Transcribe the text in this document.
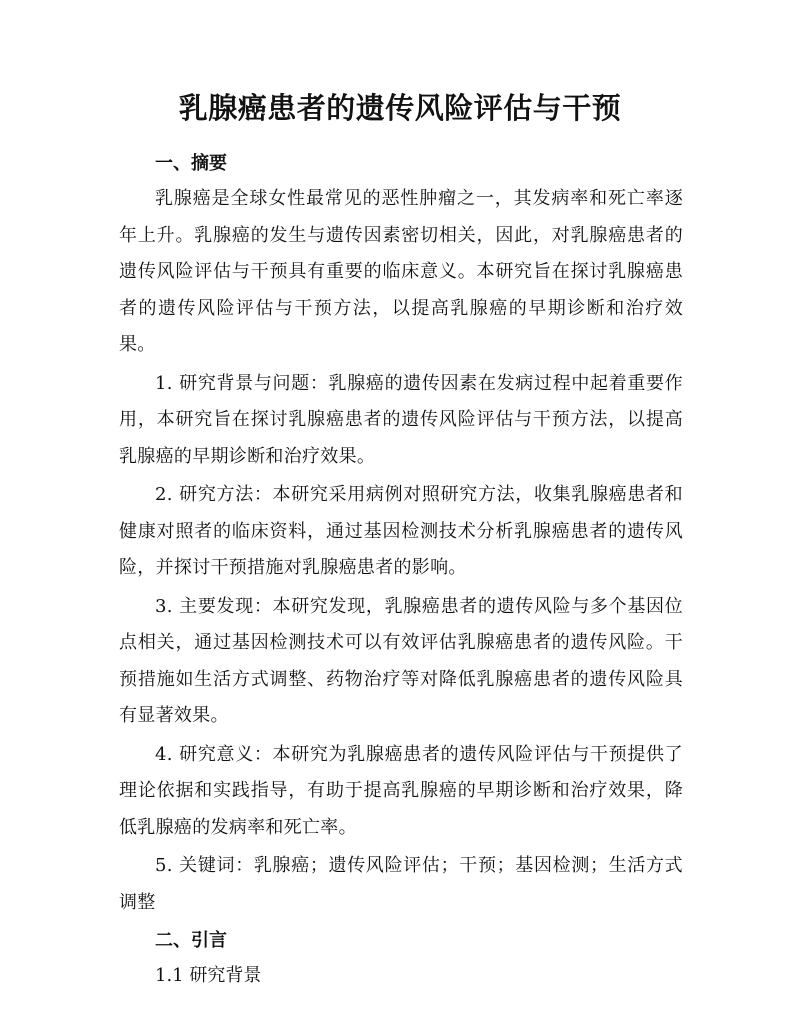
乳腺癌患者的遗传风险评估与干预

一、摘要

乳腺癌是全球女性最常见的恶性肿瘤之一，其发病率和死亡率逐年上升。乳腺癌的发生与遗传因素密切相关，因此，对乳腺癌患者的遗传风险评估与干预具有重要的临床意义。本研究旨在探讨乳腺癌患者的遗传风险评估与干预方法，以提高乳腺癌的早期诊断和治疗效果。

1. 研究背景与问题：乳腺癌的遗传因素在发病过程中起着重要作用，本研究旨在探讨乳腺癌患者的遗传风险评估与干预方法，以提高乳腺癌的早期诊断和治疗效果。

2. 研究方法：本研究采用病例对照研究方法，收集乳腺癌患者和健康对照者的临床资料，通过基因检测技术分析乳腺癌患者的遗传风险，并探讨干预措施对乳腺癌患者的影响。

3. 主要发现：本研究发现，乳腺癌患者的遗传风险与多个基因位点相关，通过基因检测技术可以有效评估乳腺癌患者的遗传风险。干预措施如生活方式调整、药物治疗等对降低乳腺癌患者的遗传风险具有显著效果。

4. 研究意义：本研究为乳腺癌患者的遗传风险评估与干预提供了理论依据和实践指导，有助于提高乳腺癌的早期诊断和治疗效果，降低乳腺癌的发病率和死亡率。

5. 关键词：乳腺癌；遗传风险评估；干预；基因检测；生活方式调整

二、引言

1.1 研究背景
